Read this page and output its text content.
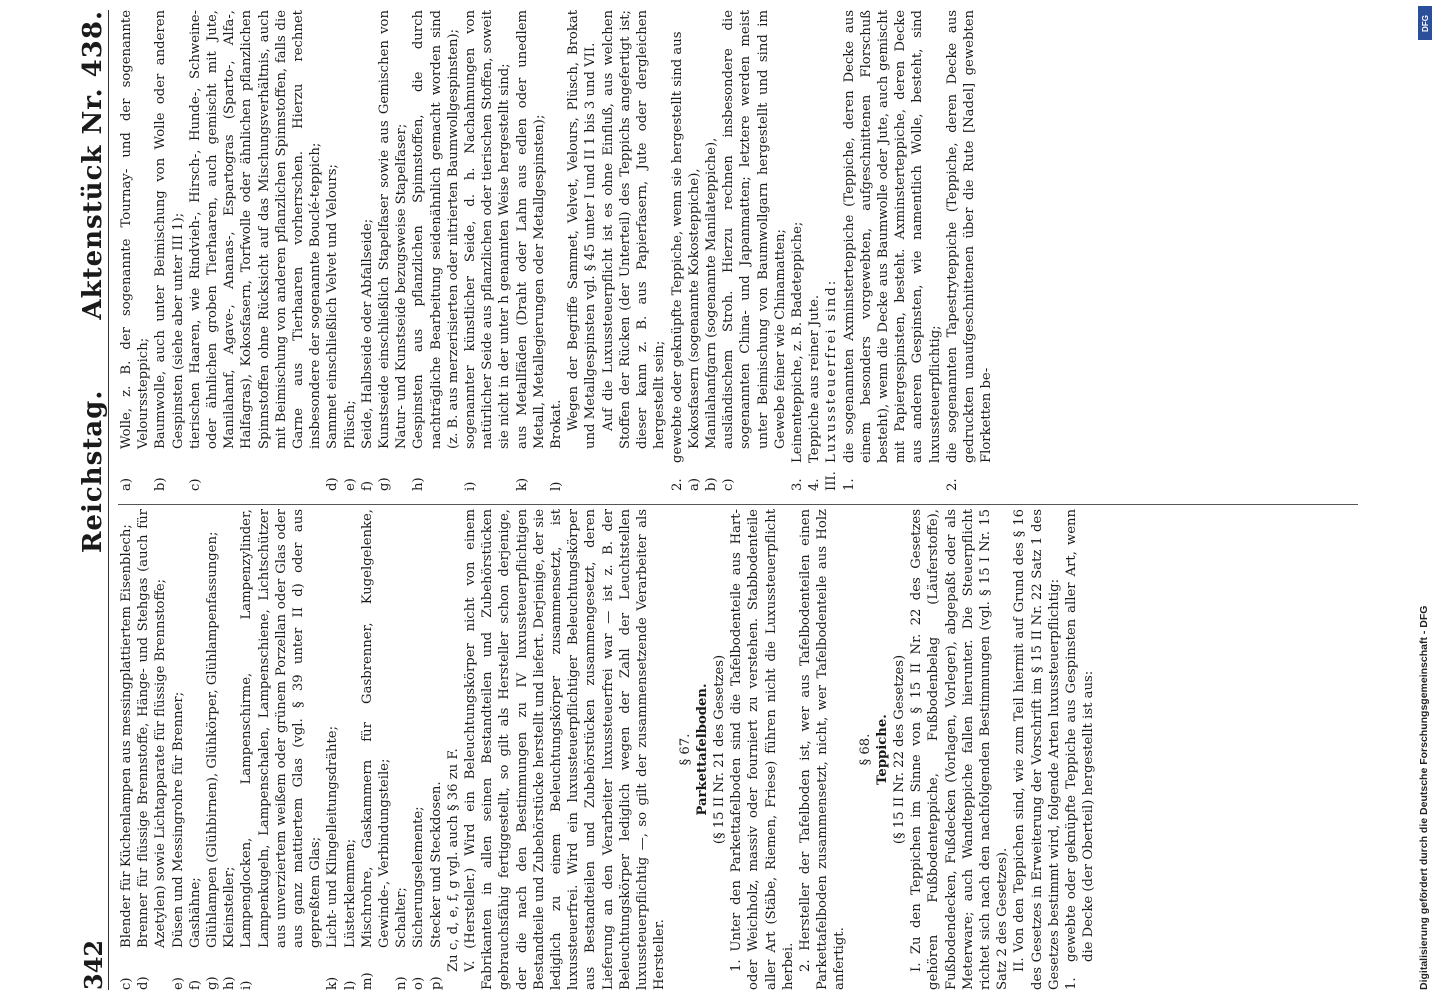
342
Reichstag. Aktenstück Nr. 438.
c)
Blender für Küchenlampen aus messingplattiertem Eisenblech;
d)
Brenner für flüssige Brennstoffe, Hänge- und Stehgas (auch für Azetylen) sowie Lichtapparate für flüssige Brennstoffe;
e)
Düsen und Messingrohre für Brenner;
f)
Gashähne;
g)
Glühlampen (Glühbirnen), Glühkörper, Glühlampenfassungen;
h)
Kleinsteller;
i)
Lampenglocken, Lampenschirme, Lampenzylinder, Lampenkugeln, Lampenschalen, Lampenschiene, Lichtschützer aus unverziertem weißem oder grünem Porzellan oder Glas oder aus ganz mattiertem Glas (vgl. § 39 unter II d) oder aus gepreßtem Glas;
k)
Licht- und Klingelleitungsdrähte;
l)
Lüsterklemmen;
m)
Mischrohre, Gaskammern für Gasbrenner, Kugelgelenke, Gewinde-, Verbindungsteile;
n)
Schalter;
o)
Sicherungselemente;
p)
Stecker und Steckdosen. Zu c, d, e, f, g vgl. auch § 36 zu F. V. (Hersteller.) Wird ein Beleuchtungskörper nicht von einem Fabrikanten in allen seinen Bestandteilen und Zubehörstücken gebrauchsfähig fertiggestellt, so gilt als Hersteller schon derjenige, der die nach den Bestimmungen zu IV luxussteuerpflichtigen Bestandteile und Zubehörstücke herstellt und liefert. Derjenige, der sie lediglich zu einem Beleuchtungskörper zusammensetzt, ist luxussteuerfrei. Wird ein luxussteuerpflichtiger Beleuchtungskörper aus Bestandteilen und Zubehörstücken zusammengesetzt, deren Lieferung an den Verarbeiter luxussteuerfrei war — ist z. B. der Beleuchtungskörper lediglich wegen der Zahl der Leuchtstellen luxussteuerpflichtig —, so gilt der zusammensetzende Verarbeiter als Hersteller.
§ 67. Parkettafelboden. (§ 15 II Nr. 21 des Gesetzes) 1. Unter den Parkettafelboden sind die Tafelbodenteile aus Hart- oder Weichholz, massiv oder fourniert zu verstehen. Stabbodenteile aller Art (Stäbe, Riemen, Friese) führen nicht die Luxussteuerpflicht herbei. 2. Hersteller der Tafelboden ist, wer aus Tafelbodenteilen einen Parkettafelboden zusammensetzt, nicht, wer Tafelbodenteile aus Holz anfertigt.
§ 68. Teppiche. (§ 15 II Nr. 22 des Gesetzes) I. Zu den Teppichen im Sinne von § 15 II Nr. 22 des Gesetzes gehören Fußbodenteppiche, Fußbodenbelag (Läuferstoffe), Fußbodendecken, Fußdecken (Vorlagen, Vorleger), abgepaßt oder als Meterware; auch Wandteppiche fallen hierunter. Die Steuerpflicht richtet sich nach den nachfolgenden Bestimmungen (vgl. § 15 I Nr. 15 Satz 2 des Gesetzes). II. Von den Teppichen sind, wie zum Teil hiermit auf Grund des § 16 des Gesetzes in Erweiterung der Vorschrift im § 15 II Nr. 22 Satz 1 des Gesetzes bestimmt wird, folgende Arten luxussteuerpflichtig: 1.
gewebte oder geknüpfte Teppiche aus Gespinsten aller Art, wenn die Decke (der Oberteil) hergestellt ist aus:
a)
Wolle, z. B. der sogenannte Tournay- und der sogenannte Velourssteppich;
b)
Baumwolle, auch unter Beimischung von Wolle oder anderen Gespinsten (siehe aber unter III 1);
c)
tierischen Haaren, wie Rindvieh-, Hirsch-, Hunde-, Schweine- oder ähnlichen groben Tierhaaren, auch gemischt mit Jute, Manilahanf, Agave-, Ananas-, Espartogras (Sparto-, Alfa-, Halfagras), Kokosfasern, Torfwolle oder ähnlichen pflanzlichen Spinnstoffen ohne Rücksicht auf das Mischungsverhältnis, auch mit Beimischung von anderen pflanzlichen Spinnstoffen, falls die Garne aus Tierhaaren vorherrschen. Hierzu rechnet insbesondere der sogenannte Bouclé-teppich;
d)
Sammet einschließlich Velvet und Velours;
e)
Plüsch;
f)
Seide, Halbseide oder Abfallseide;
g)
Kunstseide einschließlich Stapelfaser sowie aus Gemischen von Natur- und Kunstseide bezugsweise Stapelfaser;
h)
Gespinsten aus pflanzlichen Spinnstoffen, die durch nachträgliche Bearbeitung seidenähnlich gemacht worden sind (z. B. aus merzerisierten oder nitrierten Baumwollgespinsten);
i)
sogenannter künstlicher Seide, d. h. Nachahmungen von natürlicher Seide aus pflanzlichen oder tierischen Stoffen, soweit sie nicht in der unter h genannten Weise hergestellt sind;
k)
aus Metallfäden (Draht oder Lahn aus edlen oder unedlem Metall, Metallegierungen oder Metallgespinsten);
l)
Brokat. Wegen der Begriffe Sammet, Velvet, Velours, Plüsch, Brokat und Metallgespinsten vgl. § 45 unter I und II 1 bis 3 und VII. Auf die Luxussteuerpflicht ist es ohne Einfluß, aus welchen Stoffen der Rücken (der Unterteil) des Teppichs angefertigt ist; dieser kann z. B. aus Papierfasern, Jute oder dergleichen hergestellt sein;
2.
gewebte oder geknüpfte Teppiche, wenn sie hergestellt sind aus
a)
Kokosfasern (sogenannte Kokosteppiche),
b)
Manilahanfgarn (sogenannte Manilateppiche),
c)
ausländischem Stroh. Hierzu rechnen insbesondere die sogenannten China- und Japanmatten; letztere werden meist unter Beimischung von Baumwollgarn hergestellt und sind im Gewebe feiner wie Chinamatten;
3.
Leinenteppiche, z. B. Badeteppiche;
4.
Teppiche aus reiner Jute.
III.
Luxussteuerfrei sind:
1.
die sogenannten Axminsterteppiche (Teppiche, deren Decke aus einem besonders vorgewebten, aufgeschnittenen Florschuß besteht), wenn die Decke aus Baumwolle oder Jute, auch gemischt mit Papiergespinsten, besteht. Axminsterteppiche, deren Decke aus anderen Gespinsten, wie namentlich Wolle, besteht, sind luxussteuerpflichtig;
2.
die sogenannten Tapestryteppiche (Teppiche, deren Decke aus gedruckten unaufgeschnittenen über die Rute [Nadel] gewebten Florketten be-
Digitalisierung gefördert durch die Deutsche Forschungsgemeinschaft - DFG
DFG
